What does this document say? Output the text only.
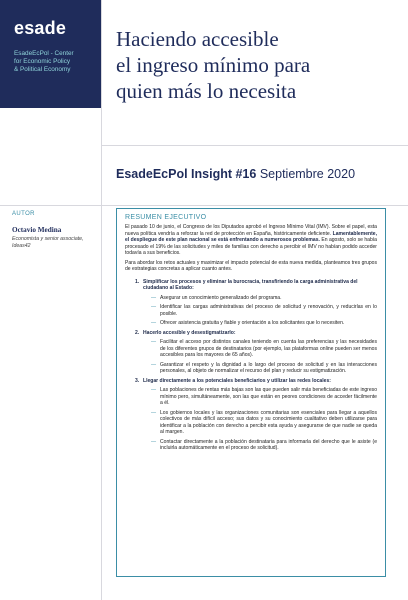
esade
EsadeEcPol - Center
for Economic Policy
& Political Economy
Haciendo accesible
el ingreso mínimo para
quien más lo necesita
EsadeEcPol Insight #16 Septiembre 2020
AUTOR
Octavio Medina
Economista y senior associate, Ideas42
RESUMEN EJECUTIVO

El pasado 10 de junio, el Congreso de los Diputados aprobó el Ingreso Mínimo Vital (IMV). Sobre el papel, esta nueva política vendría a reforzar la red de protección en España, históricamente deficiente. Lamentablemente, el despliegue de este plan nacional se está enfrentando a numerosos problemas. En agosto, solo se había procesado el 19% de las solicitudes y miles de familias con derecho a percibir el IMV no habían podido acceder todavía a sus beneficios.

Para abordar los retos actuales y maximizar el impacto potencial de esta nueva medida, planteamos tres grupos de estrategias concretas a aplicar cuanto antes.

1. Simplificar los procesos y eliminar la burocracia, transfiriendo la carga administrativa del ciudadano al Estado:
— Asegurar un conocimiento generalizado del programa.
— Identificar las cargas administrativas del proceso de solicitud y renovación, y reducirlas en lo posible.
— Ofrecer asistencia gratuita y fiable y orientación a los solicitantes que lo necesiten.
2. Hacerlo accesible y desestigmatizarlo:
— Facilitar el acceso por distintos canales teniendo en cuenta las preferencias y las necesidades de los diferentes grupos de destinatarios (por ejemplo, las plataformas online pueden ser menos accesibles para los mayores de 65 años).
— Garantizar el respeto y la dignidad a lo largo del proceso de solicitud y en las interacciones personales, al objeto de normalizar el recurso del plan y reducir su estigmatización.
3. Llegar directamente a los potenciales beneficiarios y utilizar las redes locales:
— Las poblaciones de rentas más bajas son las que pueden salir más beneficiadas de este ingreso mínimo pero, simultáneamente, son las que están en peores condiciones de acceder fácilmente a él.
— Los gobiernos locales y las organizaciones comunitarias son esenciales para llegar a aquellos colectivos de más difícil acceso; sus datos y su conocimiento cualitativo deben utilizarse para identificar a la población con derecho a percibir esta ayuda y asegurarse de que nadie se queda al margen.
— Contactar directamente a la población destinataria para informarla del derecho que le asiste (e incluirla automáticamente en el proceso de solicitud).
